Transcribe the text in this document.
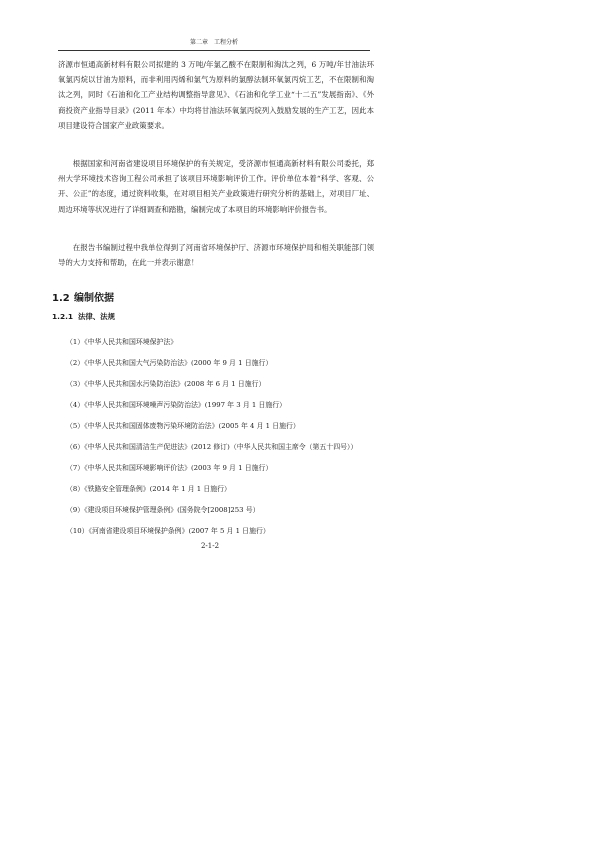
第二章　工程分析

济源市恒通高新材料有限公司拟建的 3 万吨/年氯乙酸不在限制和淘汰之列，6 万吨/年甘油法环氧氯丙烷以甘油为原料，而非利用丙烯和氯气为原料的氯醇法制环氧氯丙烷工艺，不在限制和淘汰之列，同时《石油和化工产业结构调整指导意见》、《石油和化学工业“十二五”发展指南》、《外商投资产业指导目录》(2011 年本）中均将甘油法环氧氯丙烷列入鼓励发展的生产工艺，因此本项目建设符合国家产业政策要求。

根据国家和河南省建设项目环境保护的有关规定，受济源市恒通高新材料有限公司委托，郑州大学环境技术咨询工程公司承担了该项目环境影响评价工作。评价单位本着“科学、客观、公开、公正”的态度，通过资料收集，在对项目相关产业政策进行研究分析的基础上，对项目厂址、周边环境等状况进行了详细调查和踏勘，编制完成了本项目的环境影响评价报告书。

在报告书编制过程中我单位得到了河南省环境保护厅、济源市环境保护局和相关职能部门领导的大力支持和帮助，在此一并表示谢意！

1.2 编制依据
1.2.1 法律、法规
（1）《中华人民共和国环境保护法》
（2）《中华人民共和国大气污染防治法》(2000 年 9 月 1 日施行）
（3）《中华人民共和国水污染防治法》(2008 年 6 月 1 日施行）
（4）《中华人民共和国环境噪声污染防治法》(1997 年 3 月 1 日施行）
（5）《中华人民共和国固体废物污染环境防治法》(2005 年 4 月 1 日施行）
（6）《中华人民共和国清洁生产促进法》(2012 修订)（中华人民共和国主席令（第五十四号））
（7）《中华人民共和国环境影响评价法》(2003 年 9 月 1 日施行）
（8）《铁路安全管理条例》(2014 年 1 月 1 日施行）
（9）《建设项目环境保护管理条例》(国务院令[2008]253 号）
（10）《河南省建设项目环境保护条例》(2007 年 5 月 1 日施行）
2-1-2
